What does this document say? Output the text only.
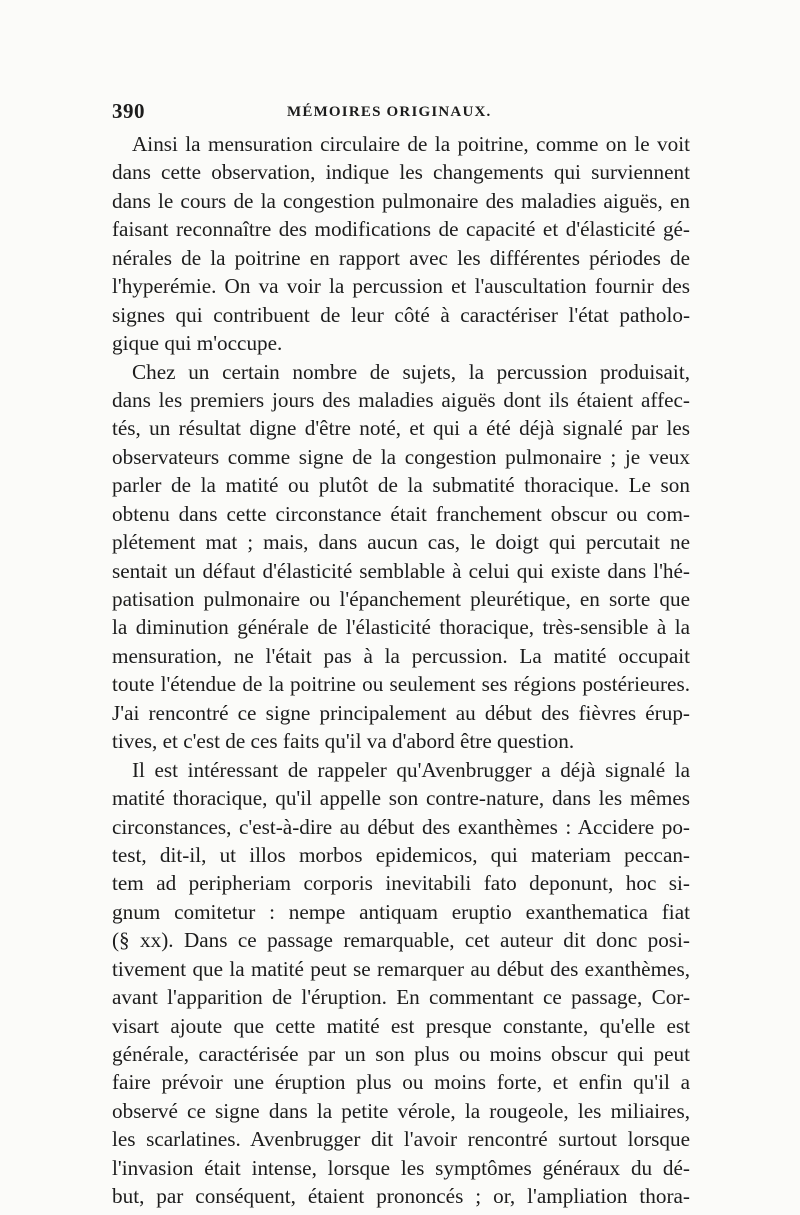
390	MÉMOIRES ORIGINAUX.
Ainsi la mensuration circulaire de la poitrine, comme on le voit
dans cette observation, indique les changements qui surviennent
dans le cours de la congestion pulmonaire des maladies aiguës, en
faisant reconnaître des modifications de capacité et d'élasticité gé-
nérales de la poitrine en rapport avec les différentes périodes de
l'hyperémie. On va voir la percussion et l'auscultation fournir des
signes qui contribuent de leur côté à caractériser l'état patholo-
gique qui m'occupe.
Chez un certain nombre de sujets, la percussion produisait,
dans les premiers jours des maladies aiguës dont ils étaient affec-
tés, un résultat digne d'être noté, et qui a été déjà signalé par les
observateurs comme signe de la congestion pulmonaire ; je veux
parler de la matité ou plutôt de la submatité thoracique. Le son
obtenu dans cette circonstance était franchement obscur ou com-
plétement mat ; mais, dans aucun cas, le doigt qui percutait ne
sentait un défaut d'élasticité semblable à celui qui existe dans l'hé-
patisation pulmonaire ou l'épanchement pleurétique, en sorte que
la diminution générale de l'élasticité thoracique, très-sensible à la
mensuration, ne l'était pas à la percussion. La matité occupait
toute l'étendue de la poitrine ou seulement ses régions postérieures.
J'ai rencontré ce signe principalement au début des fièvres érup-
tives, et c'est de ces faits qu'il va d'abord être question.
Il est intéressant de rappeler qu'Avenbrugger a déjà signalé la
matité thoracique, qu'il appelle son contre-nature, dans les mêmes
circonstances, c'est-à-dire au début des exanthèmes : Accidere po-
test, dit-il, ut illos morbos epidemicos, qui materiam peccan-
tem ad peripheriam corporis inevitabili fato deponunt, hoc si-
gnum comitetur : nempe antiquam eruptio exanthematica fiat
(§ xx). Dans ce passage remarquable, cet auteur dit donc posi-
tivement que la matité peut se remarquer au début des exanthèmes,
avant l'apparition de l'éruption. En commentant ce passage, Cor-
visart ajoute que cette matité est presque constante, qu'elle est
générale, caractérisée par un son plus ou moins obscur qui peut
faire prévoir une éruption plus ou moins forte, et enfin qu'il a
observé ce signe dans la petite vérole, la rougeole, les miliaires,
les scarlatines. Avenbrugger dit l'avoir rencontré surtout lorsque
l'invasion était intense, lorsque les symptômes généraux du dé-
but, par conséquent, étaient prononcés ; or, l'ampliation thora-
